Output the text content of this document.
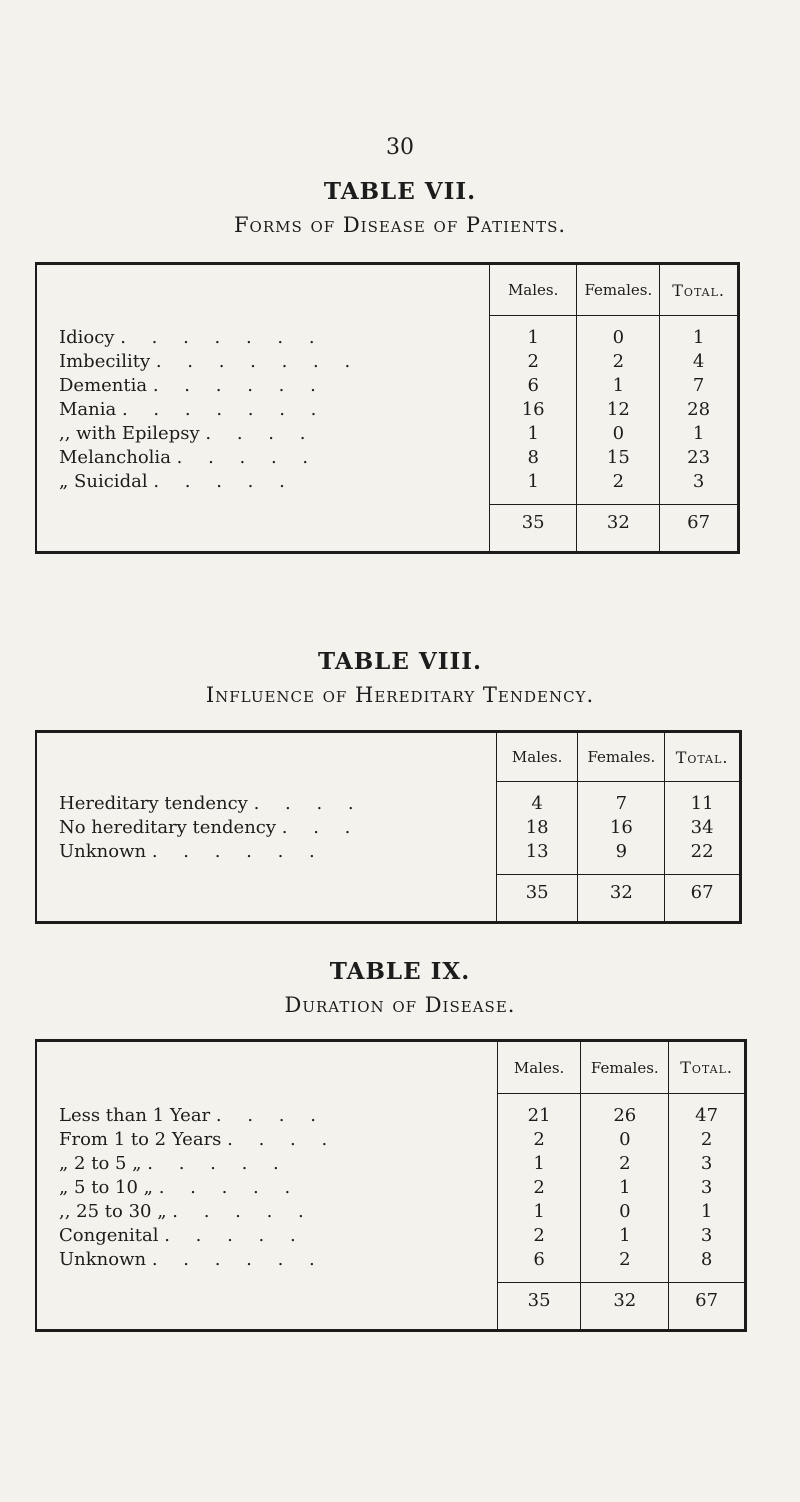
30
TABLE VII.
Forms of Disease of Patients.
	Males.	Females.	Total.

Idiocy . . . . . . .	1	0	1
Imbecility . . . . . . .	2	2	4
Dementia . . . . . .	6	1	7
Mania . . . . . . .	16	12	28
,, with Epilepsy . . . .	1	0	1
Melancholia . . . . .	8	15	23
„ Suicidal . . . . .	1	2	3

	35	32	67
TABLE VIII.
Influence of Hereditary Tendency.
	Males.	Females.	Total.

Hereditary tendency . . . .	4	7	11
No hereditary tendency . . .	18	16	34
Unknown . . . . . .	13	9	22

	35	32	67
TABLE IX.
Duration of Disease.
	Males.	Females.	Total.

Less than 1 Year . . . .	21	26	47
From 1 to 2 Years . . . .	2	0	2
„ 2 to 5 „ . . . . .	1	2	3
„ 5 to 10 „ . . . . .	2	1	3
,, 25 to 30 „ . . . . .	1	0	1
Congenital . . . . .	2	1	3
Unknown . . . . . .	6	2	8

	35	32	67
